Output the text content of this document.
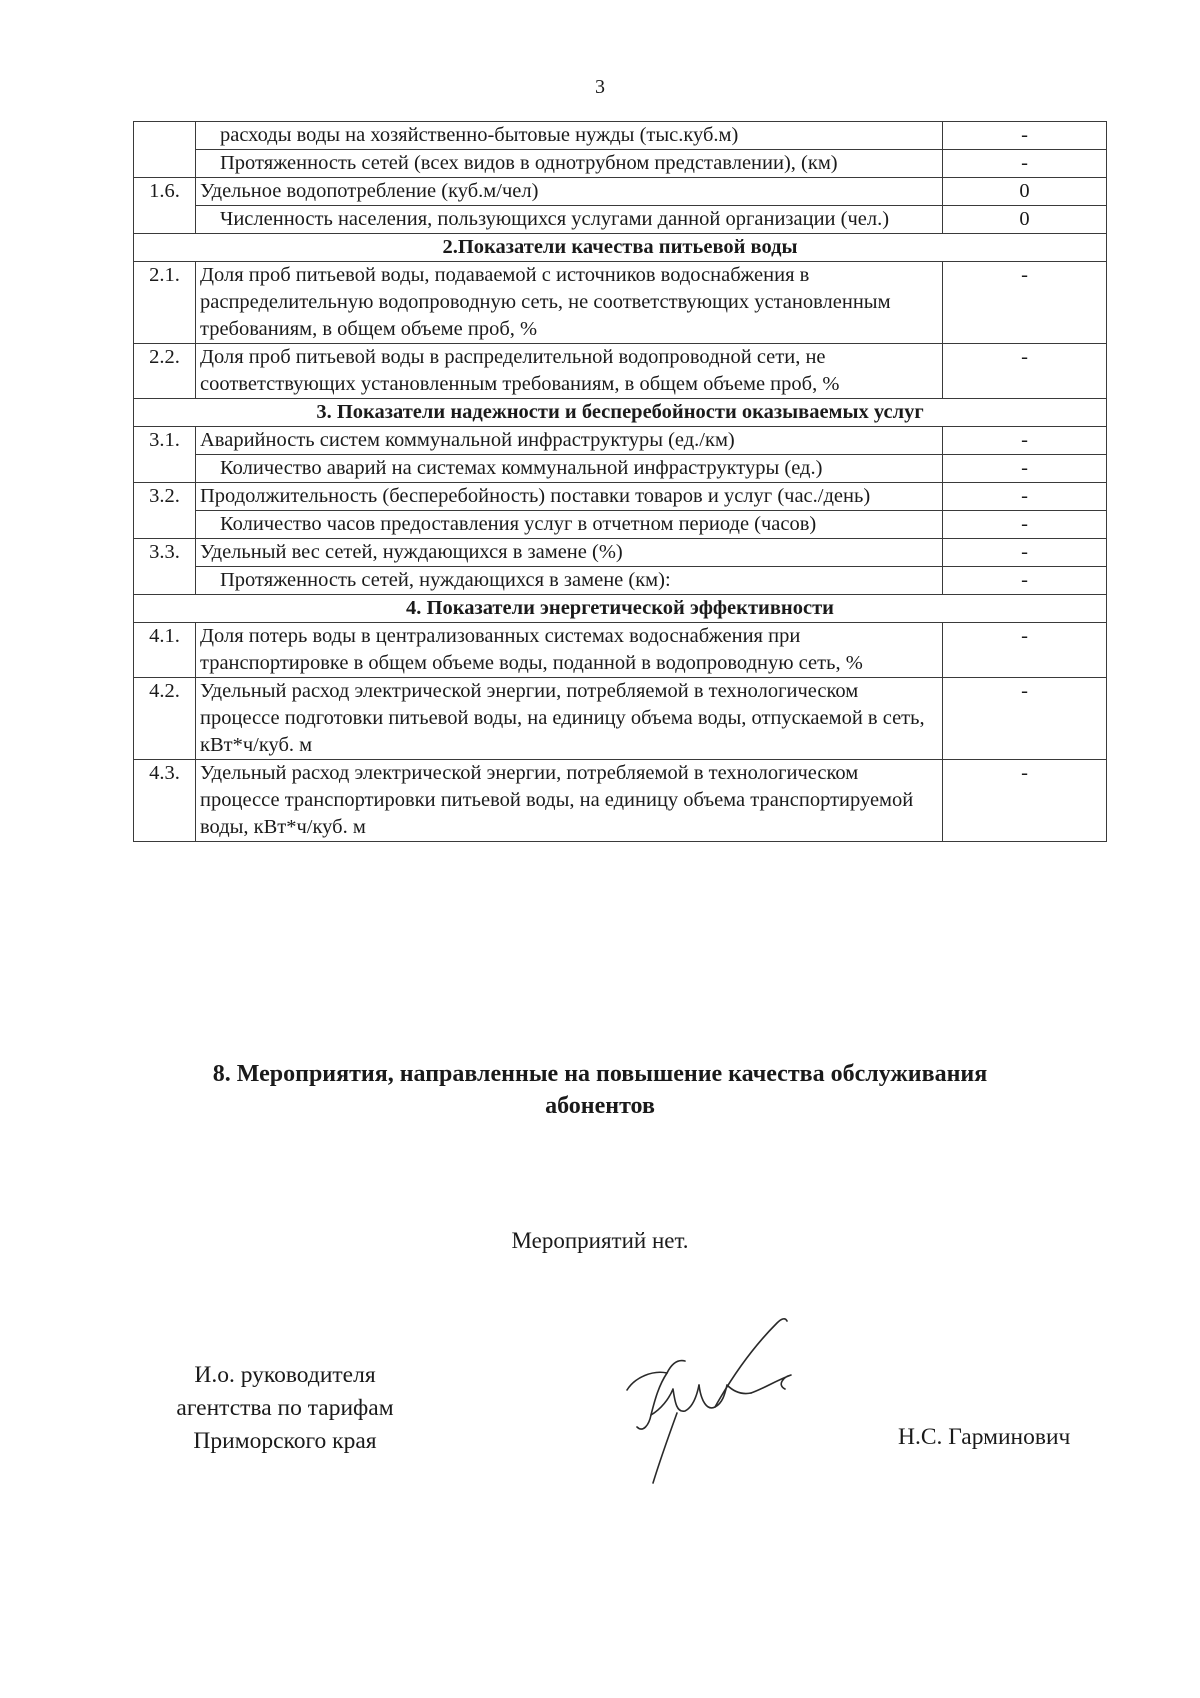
3
	расходы воды на хозяйственно-бытовые нужды (тыс.куб.м)	-
	Протяженность сетей (всех видов в однотрубном представлении), (км)	-
1.6.	Удельное водопотребление (куб.м/чел)	0
	Численность населения, пользующихся услугами данной организации (чел.)	0
2.Показатели качества питьевой воды		
2.1.	Доля проб питьевой воды, подаваемой с источников водоснабжения в распределительную водопроводную сеть, не соответствующих установленным требованиям, в общем объеме проб, %	-
2.2.	Доля проб питьевой воды в распределительной водопроводной сети, не соответствующих установленным требованиям, в общем объеме проб, %	-
3. Показатели надежности и бесперебойности оказываемых услуг		
3.1.	Аварийность систем коммунальной инфраструктуры (ед./км)	-
	Количество аварий на системах коммунальной инфраструктуры (ед.)	-
3.2.	Продолжительность (бесперебойность) поставки товаров и услуг (час./день)	-
	Количество часов предоставления услуг в отчетном периоде (часов)	-
3.3.	Удельный вес сетей, нуждающихся в замене (%)	-
	Протяженность сетей, нуждающихся в замене (км):	-
4. Показатели энергетической эффективности		
4.1.	Доля потерь воды в централизованных системах водоснабжения при транспортировке в общем объеме воды, поданной в водопроводную сеть, %	-
4.2.	Удельный расход электрической энергии, потребляемой в технологическом процессе подготовки питьевой воды, на единицу объема воды, отпускаемой в сеть, кВт*ч/куб. м	-
4.3.	Удельный расход электрической энергии, потребляемой в технологическом процессе транспортировки питьевой воды, на единицу объема транспортируемой воды, кВт*ч/куб. м	-
8. Мероприятия, направленные на повышение качества обслуживания
абонентов
Мероприятий нет.
И.о. руководителя
агентства по тарифам
Приморского края	Н.С. Гарминович
